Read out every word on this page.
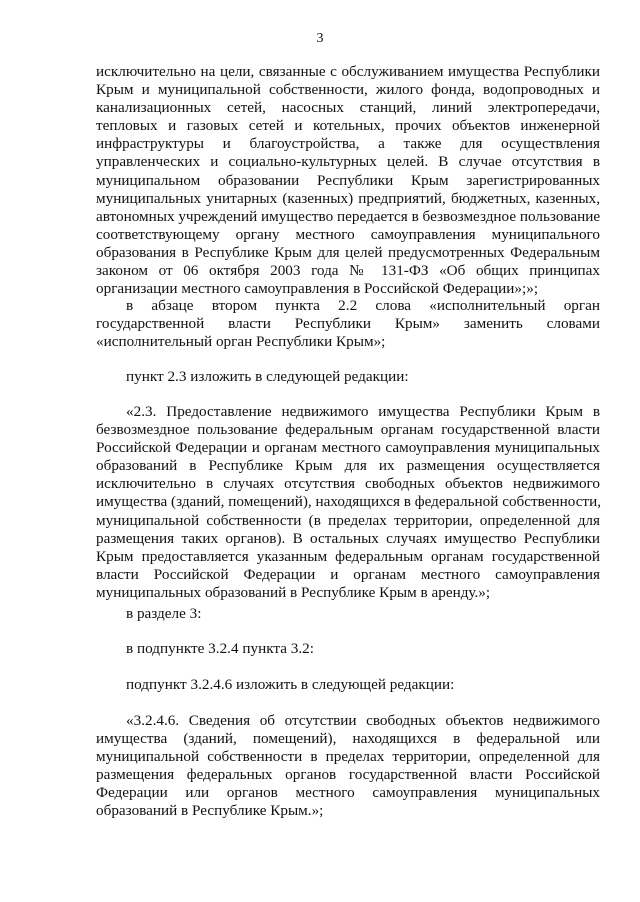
3
исключительно на цели, связанные с обслуживанием имущества Республики
Крым и муниципальной собственности, жилого фонда, водопроводных и
канализационных сетей, насосных станций, линий электропередачи,
тепловых и газовых сетей и котельных, прочих объектов инженерной
инфраструктуры и благоустройства, а также для осуществления
управленческих и социально-культурных целей. В случае отсутствия в
муниципальном образовании Республики Крым зарегистрированных
муниципальных унитарных (казенных) предприятий, бюджетных, казенных,
автономных учреждений имущество передается в безвозмездное пользование
соответствующему органу местного самоуправления муниципального
образования в Республике Крым для целей предусмотренных Федеральным
законом от 06 октября 2003 года № 131-ФЗ «Об общих принципах
организации местного самоуправления в Российской Федерации»;»;
в абзаце втором пункта 2.2 слова «исполнительный орган
государственной власти Республики Крым» заменить словами
«исполнительный орган Республики Крым»;

пункт 2.3 изложить в следующей редакции:

«2.3. Предоставление недвижимого имущества Республики Крым в
безвозмездное пользование федеральным органам государственной власти
Российской Федерации и органам местного самоуправления муниципальных
образований в Республике Крым для их размещения осуществляется
исключительно в случаях отсутствия свободных объектов недвижимого
имущества (зданий, помещений), находящихся в федеральной собственности,
муниципальной собственности (в пределах территории, определенной для
размещения таких органов). В остальных случаях имущество Республики
Крым предоставляется указанным федеральным органам государственной
власти Российской Федерации и органам местного самоуправления
муниципальных образований в Республике Крым в аренду.»;

в разделе 3:

в подпункте 3.2.4 пункта 3.2:

подпункт 3.2.4.6 изложить в следующей редакции:

«3.2.4.6. Сведения об отсутствии свободных объектов недвижимого
имущества (зданий, помещений), находящихся в федеральной или
муниципальной собственности в пределах территории, определенной для
размещения федеральных органов государственной власти Российской
Федерации или органов местного самоуправления муниципальных
образований в Республике Крым.»;
